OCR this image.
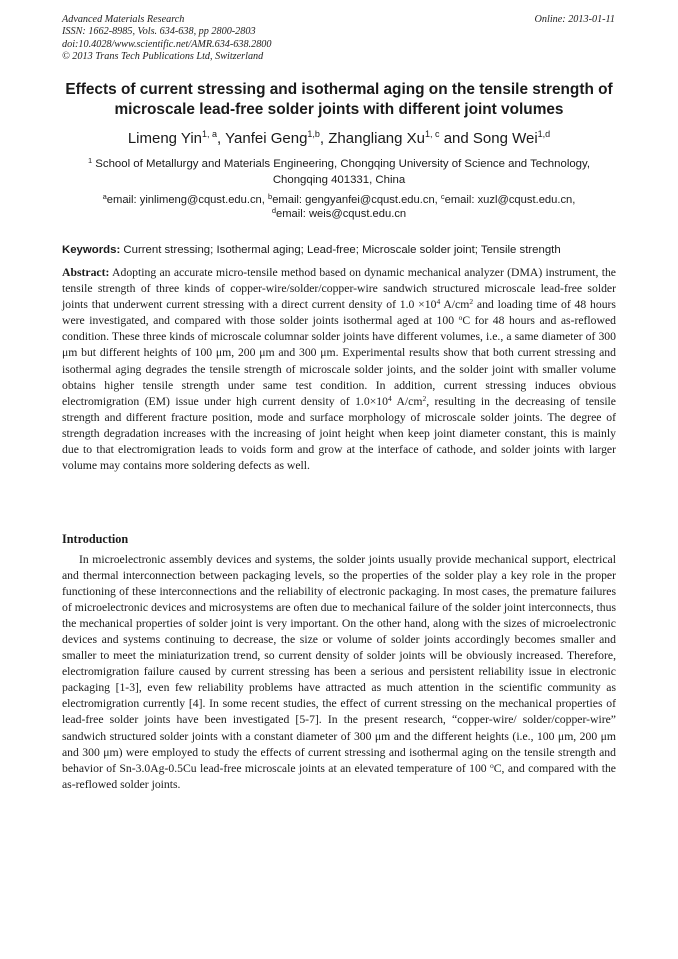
Advanced Materials Research
ISSN: 1662-8985, Vols. 634-638, pp 2800-2803
doi:10.4028/www.scientific.net/AMR.634-638.2800
© 2013 Trans Tech Publications Ltd, Switzerland
Online: 2013-01-11
Effects of current stressing and isothermal aging on the tensile strength of microscale lead-free solder joints with different joint volumes
Limeng Yin$^{1, a}$, Yanfei Geng$^{1,b}$, Zhangliang Xu$^{1, c}$ and Song Wei$^{1,d}$
$^1$ School of Metallurgy and Materials Engineering, Chongqing University of Science and Technology, Chongqing 401331, China
$^a$email: yinlimeng@cqust.edu.cn, $^b$email: gengyanfei@cqust.edu.cn, $^c$email: xuzl@cqust.edu.cn,
$^d$email: weis@cqust.edu.cn
Keywords: Current stressing; Isothermal aging; Lead-free; Microscale solder joint; Tensile strength
Abstract: Adopting an accurate micro-tensile method based on dynamic mechanical analyzer (DMA) instrument, the tensile strength of three kinds of copper-wire/solder/copper-wire sandwich structured microscale lead-free solder joints that underwent current stressing with a direct current density of $1.0 \times 10^4$ $A/cm^2$ and loading time of 48 hours were investigated, and compared with those solder joints isothermal aged at 100 $^o$C for 48 hours and as-reflowed condition. These three kinds of microscale columnar solder joints have different volumes, i.e., a same diameter of 300 μm but different heights of 100 μm, 200 μm and 300 μm. Experimental results show that both current stressing and isothermal aging degrades the tensile strength of microscale solder joints, and the solder joint with smaller volume obtains higher tensile strength under same test condition. In addition, current stressing induces obvious electromigration (EM) issue under high current density of $1.0\times 10^4$ $A/cm^2$, resulting in the decreasing of tensile strength and different fracture position, mode and surface morphology of microscale solder joints. The degree of strength degradation increases with the increasing of joint height when keep joint diameter constant, this is mainly due to that electromigration leads to voids form and grow at the interface of cathode, and solder joints with larger volume may contains more soldering defects as well.
Introduction
In microelectronic assembly devices and systems, the solder joints usually provide mechanical support, electrical and thermal interconnection between packaging levels, so the properties of the solder play a key role in the proper functioning of these interconnections and the reliability of electronic packaging. In most cases, the premature failures of microelectronic devices and microsystems are often due to mechanical failure of the solder joint interconnects, thus the mechanical properties of solder joint is very important. On the other hand, along with the sizes of microelectronic devices and systems continuing to decrease, the size or volume of solder joints accordingly becomes smaller and smaller to meet the miniaturization trend, so current density of solder joints will be obviously increased. Therefore, electromigration failure caused by current stressing has been a serious and persistent reliability issue in electronic packaging [1-3], even few reliability problems have attracted as much attention in the scientific community as electromigration currently [4]. In some recent studies, the effect of current stressing on the mechanical properties of lead-free solder joints have been investigated [5-7]. In the present research, “copper-wire/ solder/copper-wire” sandwich structured solder joints with a constant diameter of 300 μm and the different heights (i.e., 100 μm, 200 μm and 300 μm) were employed to study the effects of current stressing and isothermal aging on the tensile strength and behavior of Sn-3.0Ag-0.5Cu lead-free microscale joints at an elevated temperature of 100 $^o$C, and compared with the as-reflowed solder joints.
